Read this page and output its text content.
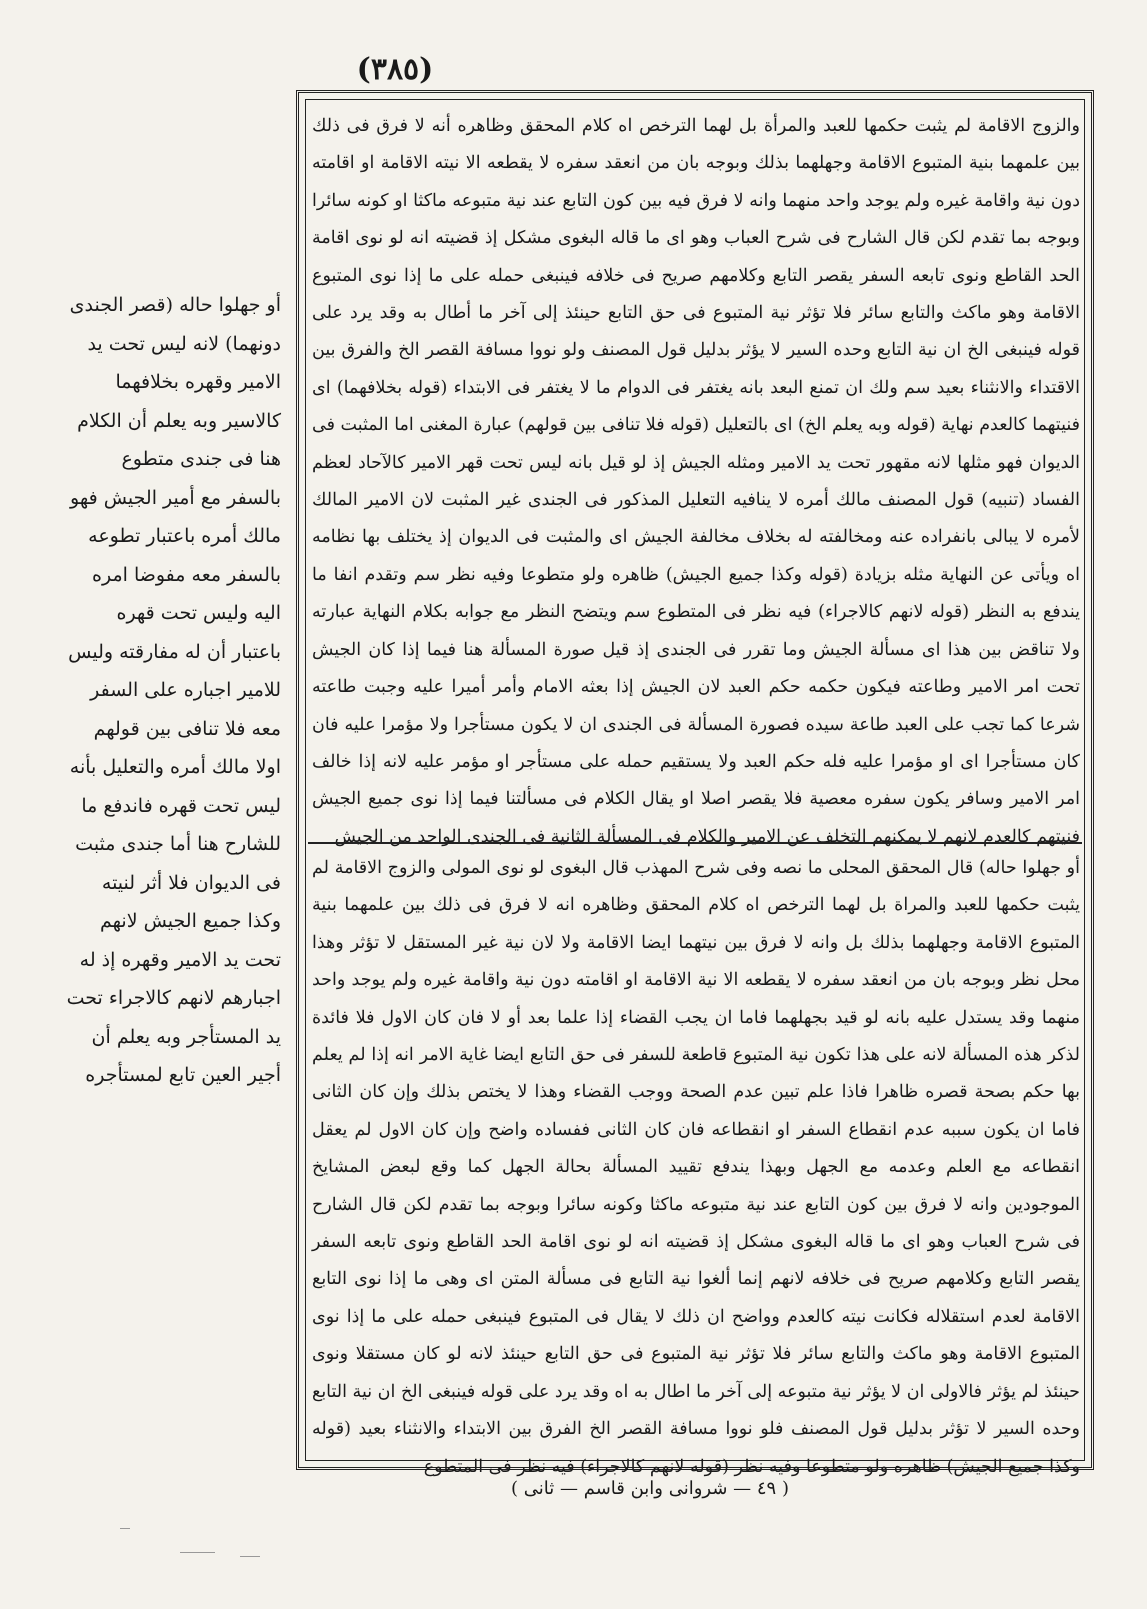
(٣٨٥)
والزوج الاقامة لم يثبت حكمها للعبد والمرأة بل لهما الترخص اه كلام المحقق وظاهره أنه لا فرق فى ذلك بين علمهما بنية المتبوع الاقامة وجهلهما بذلك وبوجه بان من انعقد سفره لا يقطعه الا نيته الاقامة او اقامته دون نية واقامة غيره ولم يوجد واحد منهما وانه لا فرق فيه بين كون التابع عند نية متبوعه ماكثا او كونه سائرا وبوجه بما تقدم لكن قال الشارح فى شرح العباب وهو اى ما قاله البغوى مشكل إذ قضيته انه لو نوى اقامة الحد القاطع ونوى تابعه السفر يقصر التابع وكلامهم صريح فى خلافه فينبغى حمله على ما إذا نوى المتبوع الاقامة وهو ماكث والتابع سائر فلا تؤثر نية المتبوع فى حق التابع حينئذ إلى آخر ما أطال به وقد يرد على قوله فينبغى الخ ان نية التابع وحده السير لا يؤثر بدليل قول المصنف ولو نووا مسافة القصر الخ والفرق بين الاقتداء والانثناء بعيد سم ولك ان تمنع البعد بانه يغتفر فى الدوام ما لا يغتفر فى الابتداء (قوله بخلافهما) اى فنيتهما كالعدم نهاية (قوله وبه يعلم الخ) اى بالتعليل (قوله فلا تنافى بين قولهم) عبارة المغنى اما المثبت فى الديوان فهو مثلها لانه مقهور تحت يد الامير ومثله الجيش إذ لو قيل بانه ليس تحت قهر الامير كالآحاد لعظم الفساد (تنبيه) قول المصنف مالك أمره لا ينافيه التعليل المذكور فى الجندى غير المثبت لان الامير المالك لأمره لا يبالى بانفراده عنه ومخالفته له بخلاف مخالفة الجيش اى والمثبت فى الديوان إذ يختلف بها نظامه اه ويأتى عن النهاية مثله بزيادة (قوله وكذا جميع الجيش) ظاهره ولو متطوعا وفيه نظر سم وتقدم انفا ما يندفع به النظر (قوله لانهم كالاجراء) فيه نظر فى المتطوع سم ويتضح النظر مع جوابه بكلام النهاية عبارته ولا تناقض بين هذا اى مسألة الجيش وما تقرر فى الجندى إذ قيل صورة المسألة هنا فيما إذا كان الجيش تحت امر الامير وطاعته فيكون حكمه حكم العبد لان الجيش إذا بعثه الامام وأمر أميرا عليه وجبت طاعته شرعا كما تجب على العبد طاعة سيده فصورة المسألة فى الجندى ان لا يكون مستأجرا ولا مؤمرا عليه فان كان مستأجرا اى او مؤمرا عليه فله حكم العبد ولا يستقيم حمله على مستأجر او مؤمر عليه لانه إذا خالف امر الامير وسافر يكون سفره معصية فلا يقصر اصلا او يقال الكلام فى مسألتنا فيما إذا نوى جميع الجيش فنيتهم كالعدم لانهم لا يمكنهم التخلف عن الامير والكلام فى المسألة الثانية فى الجندى الواحد من الجيش
أو جهلوا حاله) قال المحقق المحلى ما نصه وفى شرح المهذب قال البغوى لو نوى المولى والزوج الاقامة لم يثبت حكمها للعبد والمراة بل لهما الترخص اه كلام المحقق وظاهره انه لا فرق فى ذلك بين علمهما بنية المتبوع الاقامة وجهلهما بذلك بل وانه لا فرق بين نيتهما ايضا الاقامة ولا لان نية غير المستقل لا تؤثر وهذا محل نظر وبوجه بان من انعقد سفره لا يقطعه الا نية الاقامة او اقامته دون نية واقامة غيره ولم يوجد واحد منهما وقد يستدل عليه بانه لو قيد بجهلهما فاما ان يجب القضاء إذا علما بعد أو لا فان كان الاول فلا فائدة لذكر هذه المسألة لانه على هذا تكون نية المتبوع قاطعة للسفر فى حق التابع ايضا غاية الامر انه إذا لم يعلم بها حكم بصحة قصره ظاهرا فاذا علم تبين عدم الصحة ووجب القضاء وهذا لا يختص بذلك وإن كان الثانى فاما ان يكون سببه عدم انقطاع السفر او انقطاعه فان كان الثانى ففساده واضح وإن كان الاول لم يعقل انقطاعه مع العلم وعدمه مع الجهل وبهذا يندفع تقييد المسألة بحالة الجهل كما وقع لبعض المشايخ الموجودين وانه لا فرق بين كون التابع عند نية متبوعه ماكثا وكونه سائرا وبوجه بما تقدم لكن قال الشارح فى شرح العباب وهو اى ما قاله البغوى مشكل إذ قضيته انه لو نوى اقامة الحد القاطع ونوى تابعه السفر يقصر التابع وكلامهم صريح فى خلافه لانهم إنما ألغوا نية التابع فى مسألة المتن اى وهى ما إذا نوى التابع الاقامة لعدم استقلاله فكانت نيته كالعدم وواضح ان ذلك لا يقال فى المتبوع فينبغى حمله على ما إذا نوى المتبوع الاقامة وهو ماكث والتابع سائر فلا تؤثر نية المتبوع فى حق التابع حينئذ لانه لو كان مستقلا ونوى حينئذ لم يؤثر فالاولى ان لا يؤثر نية متبوعه إلى آخر ما اطال به اه وقد يرد على قوله فينبغى الخ ان نية التابع وحده السير لا تؤثر بدليل قول المصنف فلو نووا مسافة القصر الخ الفرق بين الابتداء والانثناء بعيد (قوله وكذا جميع الجيش) ظاهره ولو متطوعا وفيه نظر (قوله لانهم كالاجراء) فيه نظر فى المتطوع
أو جهلوا حاله (قصر الجندى دونهما) لانه ليس تحت يد الامير وقهره بخلافهما كالاسير وبه يعلم أن الكلام هنا فى جندى متطوع بالسفر مع أمير الجيش فهو مالك أمره باعتبار تطوعه بالسفر معه مفوضا امره اليه وليس تحت قهره باعتبار أن له مفارقته وليس للامير اجباره على السفر معه فلا تنافى بين قولهم اولا مالك أمره والتعليل بأنه ليس تحت قهره فاندفع ما للشارح هنا أما جندى مثبت فى الديوان فلا أثر لنيته وكذا جميع الجيش لانهم تحت يد الامير وقهره إذ له اجبارهم لانهم كالاجراء تحت يد المستأجر وبه يعلم أن أجير العين تابع لمستأجره
( ٤٩ — شروانى وابن قاسم — ثانى )
